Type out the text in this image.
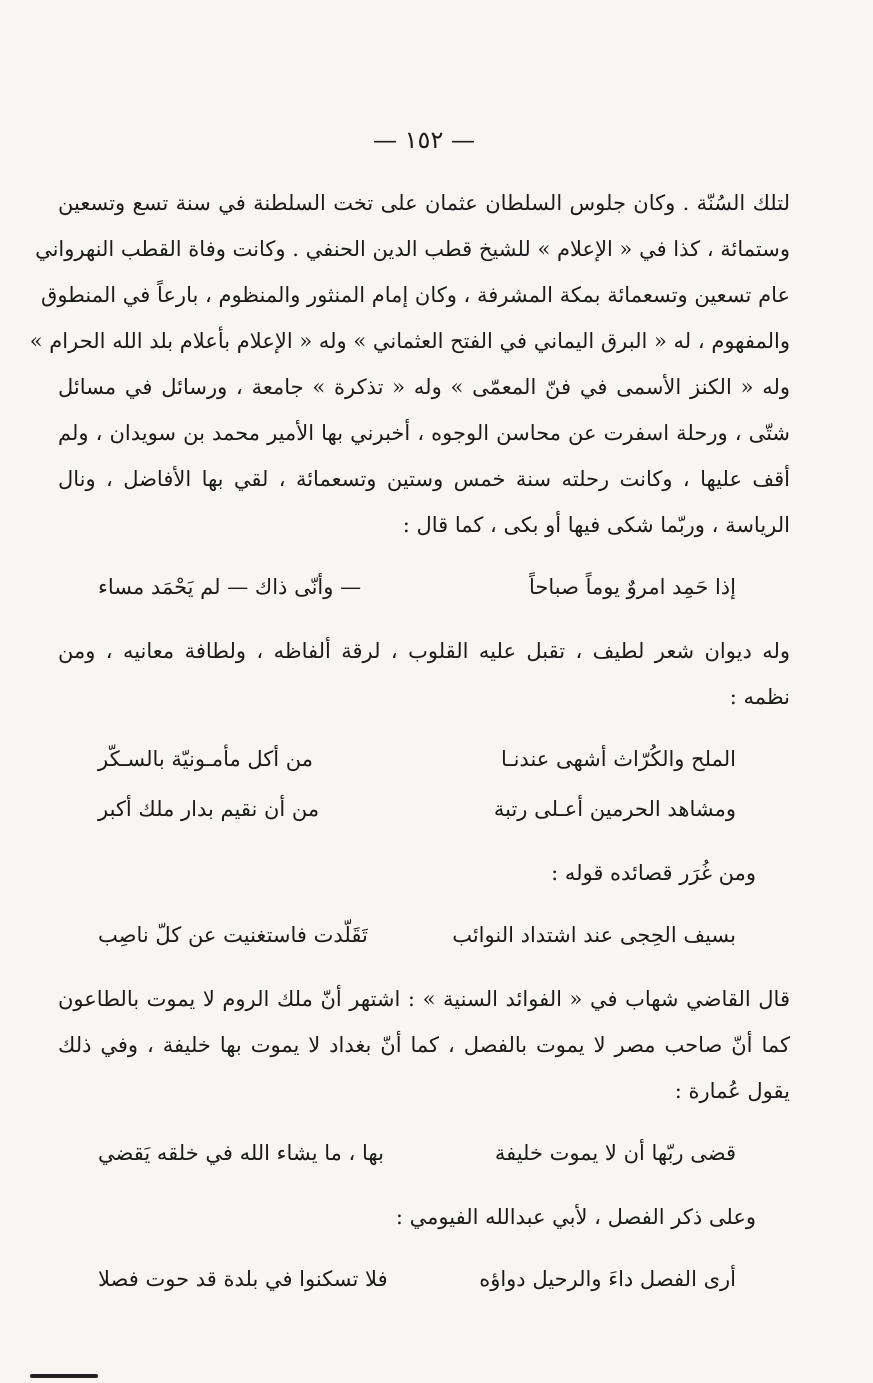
— ١٥٢ —

لتلك السُنّة . وكان جلوس السلطان عثمان على تخت السلطنة في سنة تسع وتسعين
وستمائة ، كذا في « الإعلام » للشيخ قطب الدين الحنفي . وكانت وفاة القطب النهرواني
عام تسعين وتسعمائة بمكة المشرفة ، وكان إمام المنثور والمنظوم ، بارعاً في المنطوق
والمفهوم ، له « البرق اليماني في الفتح العثماني » وله « الإعلام بأعلام بلد الله الحرام »
وله « الكنز الأسمى في فنّ المعمّى » وله « تذكرة » جامعة ، ورسائل في مسائل
شتّى ، ورحلة اسفرت عن محاسن الوجوه ، أخبرني بها الأمير محمد بن سويدان ، ولم
أقف عليها ، وكانت رحلته سنة خمس وستين وتسعمائة ، لقي بها الأفاضل ، ونال
الرياسة ، وربّما شكى فيها أو بكى ، كما قال :

إذا حَمِد امروٌ يوماً صباحاً
— وأنّى ذاك — لم يَحْمَد مساء

وله ديوان شعر لطيف ، تقبل عليه القلوب ، لرقة ألفاظه ، ولطافة معانيه ، ومن
نظمه :

الملح والكُرّاث أشهى عندنـا
من أكل مأمـونيّة بالسـكّر
ومشاهد الحرمين أعـلى رتبة
من أن نقيم بدار ملك أكبر

ومن غُرَر قصائده قوله :

بسيف الحِجى عند اشتداد النوائب
تَقَلّدت فاستغنيت عن كلّ ناصِب

قال القاضي شهاب في « الفوائد السنية » : اشتهر أنّ ملك الروم لا يموت بالطاعون
كما أنّ صاحب مصر لا يموت بالفصل ، كما أنّ بغداد لا يموت بها خليفة ، وفي ذلك
يقول عُمارة :

قضى ربّها أن لا يموت خليفة
بها ، ما يشاء الله في خلقه يَقضي

وعلى ذكر الفصل ، لأبي عبدالله الفيومي :

أرى الفصل داءَ والرحيل دواؤه
فلا تسكنوا في بلدة قد حوت فصلا
